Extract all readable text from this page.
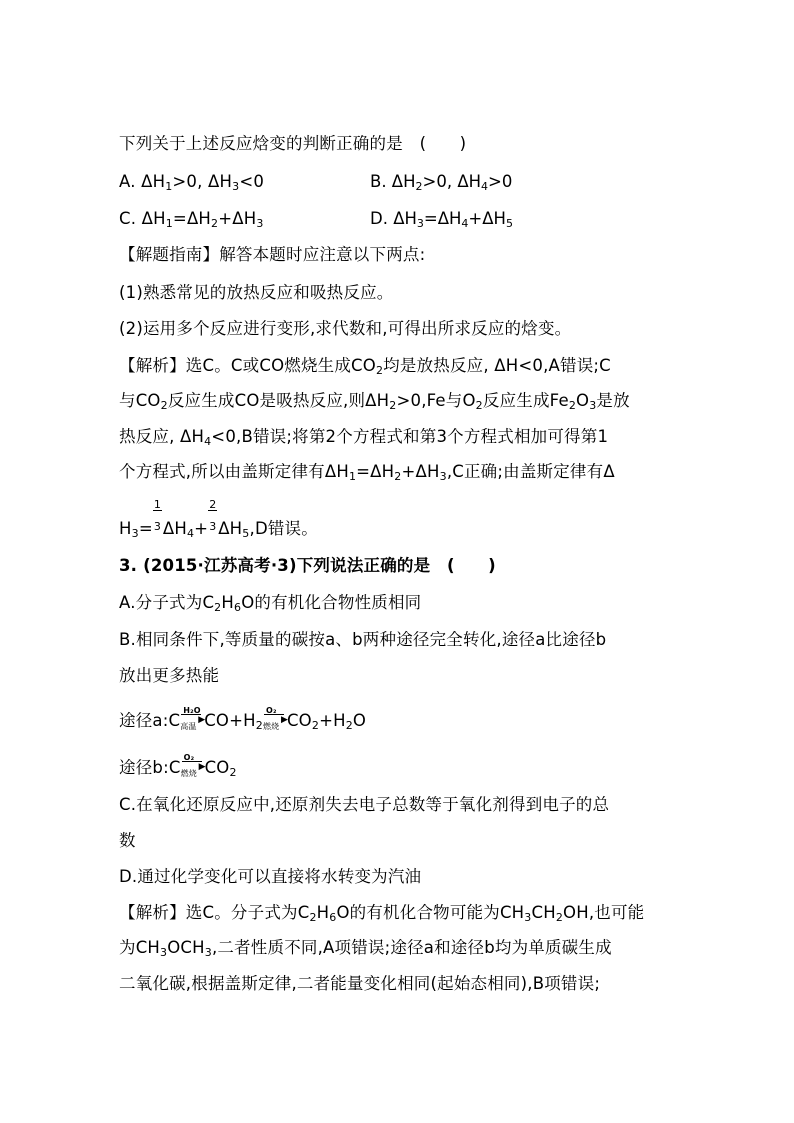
下列关于上述反应焓变的判断正确的是　(　　)
A. $\Delta H_1>0$, $\Delta H_3<0$	B. $\Delta H_2>0$, $\Delta H_4>0$
C. $\Delta H_1=\Delta H_2+\Delta H_3$	D. $\Delta H_3=\Delta H_4+\Delta H_5$
【解题指南】解答本题时应注意以下两点:
(1)熟悉常见的放热反应和吸热反应。
(2)运用多个反应进行变形,求代数和,可得出所求反应的焓变。
【解析】选C。C或CO燃烧生成$CO_2$均是放热反应, ΔH<0,A错误;C
与$CO_2$反应生成CO是吸热反应,则$\Delta H_2>0,Fe$与$O_2$反应生成$Fe_2O_3$是放
热反应, $\Delta H_4<0,B$错误;将第2个方程式和第3个方程式相加可得第1
个方程式,所以由盖斯定律有$\Delta H_1=\Delta H_2+\Delta H_3,C$正确;由盖斯定律有Δ
$H_3= \frac{1}{3} \Delta H_4+ \frac{2}{3} \Delta H_5,D$错误。
3. (2015·江苏高考·3)下列说法正确的是　(　　)
A.分子式为$C_2H_6O$的有机化合物性质相同
B.相同条件下,等质量的碳按a、b两种途径完全转化,途径a比途径b
放出更多热能
途径a:C
H₂O
▶
高温 $CO+H_2$
O₂
▶
燃烧 $CO_2+H_2O$
途径b:C
O₂
▶
燃烧 $CO_2$
C.在氧化还原反应中,还原剂失去电子总数等于氧化剂得到电子的总
数
D.通过化学变化可以直接将水转变为汽油
【解析】选C。分子式为$C_2H_6O$的有机化合物可能为$CH_3CH_2OH$,也可能
为$CH_3OCH_3$,二者性质不同,A项错误;途径a和途径b均为单质碳生成
二氧化碳,根据盖斯定律,二者能量变化相同(起始态相同),B项错误;
